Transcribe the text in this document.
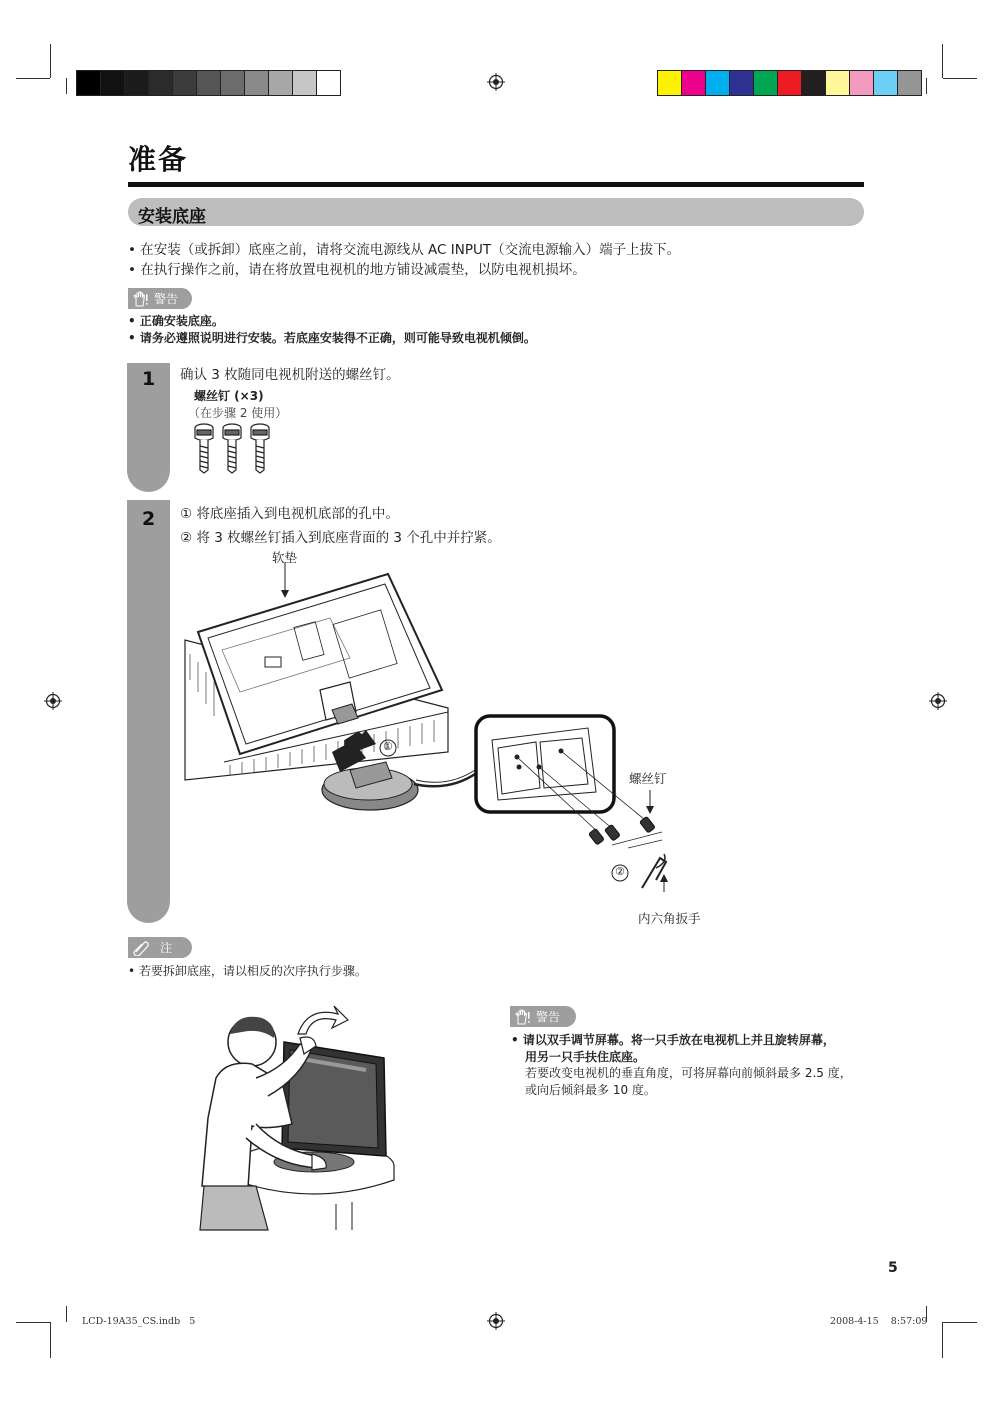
准备
安装底座
• 在安装（或拆卸）底座之前，请将交流电源线从 AC INPUT（交流电源输入）端子上拔下。
• 在执行操作之前，请在将放置电视机的地方铺设减震垫，以防电视机损坏。
警告
• 正确安装底座。
• 请务必遵照说明进行安装。若底座安装得不正确，则可能导致电视机倾倒。
1 确认 3 枚随同电视机附送的螺丝钉。
螺丝钉 (×3)
（在步骤 2 使用）
2 ① 将底座插入到电视机底部的孔中。
② 将 3 枚螺丝钉插入到底座背面的 3 个孔中并拧紧。
软垫
①
②
螺丝钉
内六角扳手
注
• 若要拆卸底座，请以相反的次序执行步骤。
警告
• 请以双手调节屏幕。将一只手放在电视机上并且旋转屏幕，
用另一只手扶住底座。
若要改变电视机的垂直角度，可将屏幕向前倾斜最多 2.5 度，
或向后倾斜最多 10 度。
5
LCD-19A35_CS.indb   5	2008-4-15    8:57:09
